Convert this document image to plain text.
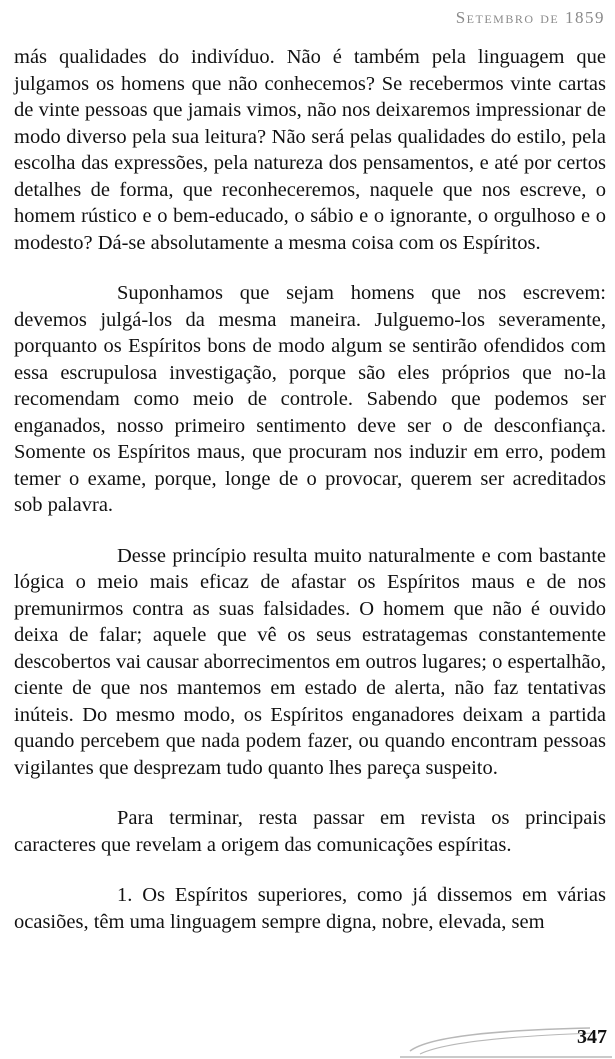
Setembro de 1859

más qualidades do indivíduo. Não é também pela linguagem que julgamos os homens que não conhecemos? Se recebermos vinte cartas de vinte pessoas que jamais vimos, não nos deixaremos impressionar de modo diverso pela sua leitura? Não será pelas qualidades do estilo, pela escolha das expressões, pela natureza dos pensamentos, e até por certos detalhes de forma, que reconheceremos, naquele que nos escreve, o homem rústico e o bem-educado, o sábio e o ignorante, o orgulhoso e o modesto? Dá-se absolutamente a mesma coisa com os Espíritos.

Suponhamos que sejam homens que nos escrevem: devemos julgá-los da mesma maneira. Julguemo-los severamente, porquanto os Espíritos bons de modo algum se sentirão ofendidos com essa escrupulosa investigação, porque são eles próprios que no-la recomendam como meio de controle. Sabendo que podemos ser enganados, nosso primeiro sentimento deve ser o de desconfiança. Somente os Espíritos maus, que procuram nos induzir em erro, podem temer o exame, porque, longe de o provocar, querem ser acreditados sob palavra.

Desse princípio resulta muito naturalmente e com bastante lógica o meio mais eficaz de afastar os Espíritos maus e de nos premunirmos contra as suas falsidades. O homem que não é ouvido deixa de falar; aquele que vê os seus estratagemas constantemente descobertos vai causar aborrecimentos em outros lugares; o espertalhão, ciente de que nos mantemos em estado de alerta, não faz tentativas inúteis. Do mesmo modo, os Espíritos enganadores deixam a partida quando percebem que nada podem fazer, ou quando encontram pessoas vigilantes que desprezam tudo quanto lhes pareça suspeito.

Para terminar, resta passar em revista os principais caracteres que revelam a origem das comunicações espíritas.

1. Os Espíritos superiores, como já dissemos em várias ocasiões, têm uma linguagem sempre digna, nobre, elevada, sem

347
